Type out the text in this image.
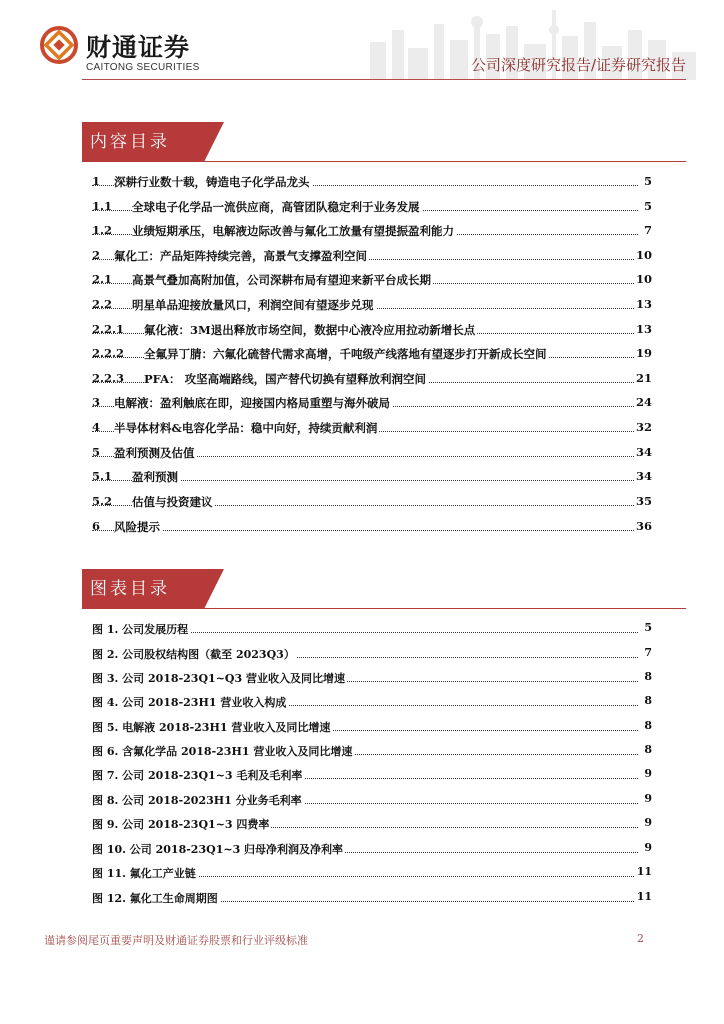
财通证券
CAITONG SECURITIES	公司深度研究报告/证券研究报告
内容目录
1 深耕行业数十载，铸造电子化学品龙头	5
1.1 全球电子化学品一流供应商，高管团队稳定利于业务发展	5
1.2 业绩短期承压，电解液边际改善与氟化工放量有望提振盈利能力	7
2 氟化工：产品矩阵持续完善，高景气支撑盈利空间	10
2.1 高景气叠加高附加值，公司深耕布局有望迎来新平台成长期	10
2.2 明星单品迎接放量风口，利润空间有望逐步兑现	13
2.2.1 氟化液：3M退出释放市场空间，数据中心液冷应用拉动新增长点	13
2.2.2 全氟异丁腈：六氟化硫替代需求高增，千吨级产线落地有望逐步打开新成长空间	19
2.2.3 PFA： 攻坚高端路线，国产替代切换有望释放利润空间	21
3 电解液：盈利触底在即，迎接国内格局重塑与海外破局	24
4 半导体材料&电容化学品：稳中向好，持续贡献利润	32
5 盈利预测及估值	34
5.1 盈利预测	34
5.2 估值与投资建议	35
6 风险提示	36
图表目录
图 1. 公司发展历程	5
图 2. 公司股权结构图（截至 2023Q3）	7
图 3. 公司 2018-23Q1~Q3 营业收入及同比增速	8
图 4. 公司 2018-23H1 营业收入构成	8
图 5. 电解液 2018-23H1 营业收入及同比增速	8
图 6. 含氟化学品 2018-23H1 营业收入及同比增速	8
图 7. 公司 2018-23Q1~3 毛利及毛利率	9
图 8. 公司 2018-2023H1 分业务毛利率	9
图 9. 公司 2018-23Q1~3 四费率	9
图 10. 公司 2018-23Q1~3 归母净利润及净利率	9
图 11. 氟化工产业链	11
图 12. 氟化工生命周期图	11
谨请参阅尾页重要声明及财通证券股票和行业评级标准	2
